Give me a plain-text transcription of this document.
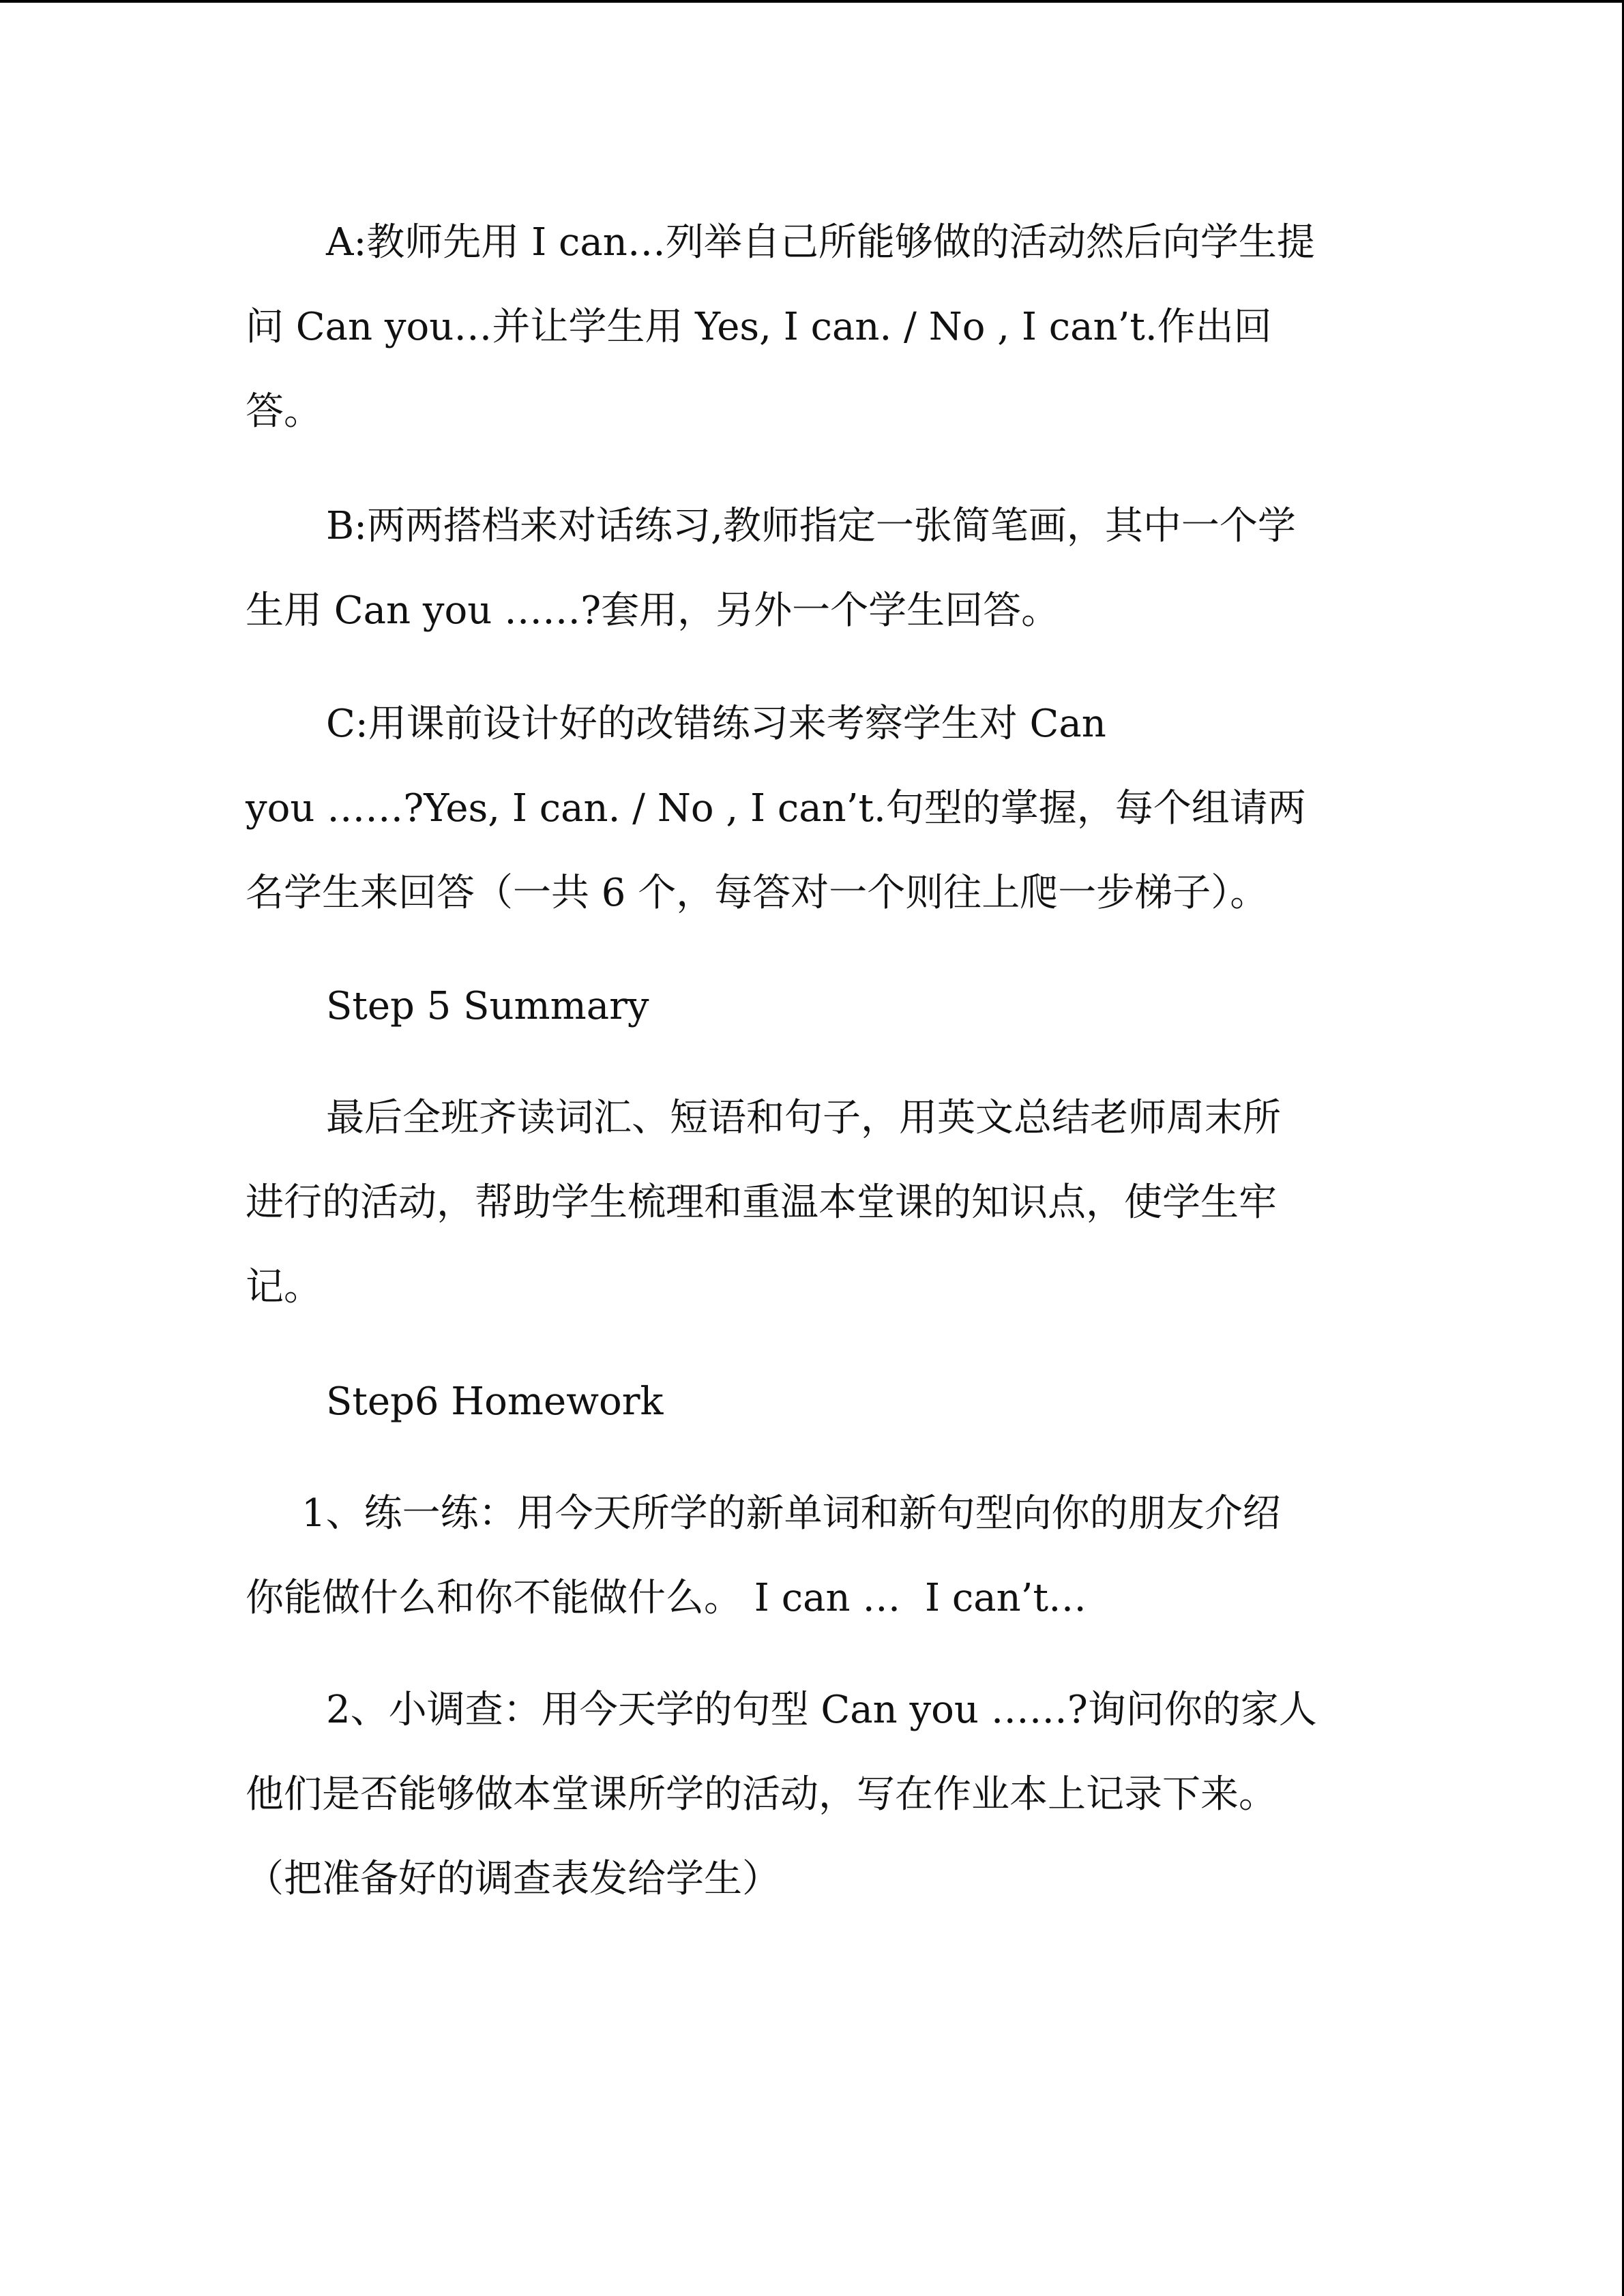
A:教师先用 I can…列举自己所能够做的活动然后向学生提
问 Can you…并让学生用 Yes, I can. / No , I can’t.作出回
答。
B:两两搭档来对话练习,教师指定一张简笔画，其中一个学
生用 Can you ……?套用，另外一个学生回答。
C:用课前设计好的改错练习来考察学生对 Can
you ……?Yes, I can. / No , I can’t.句型的掌握，每个组请两
名学生来回答（一共 6 个，每答对一个则往上爬一步梯子）。
Step 5 Summary
最后全班齐读词汇、短语和句子，用英文总结老师周末所
进行的活动，帮助学生梳理和重温本堂课的知识点，使学生牢
记。
Step6 Homework
1、练一练：用今天所学的新单词和新句型向你的朋友介绍
你能做什么和你不能做什么。 I can …  I can’t…
2、小调查：用今天学的句型 Can you ……?询问你的家人
他们是否能够做本堂课所学的活动，写在作业本上记录下来。
（把准备好的调查表发给学生）
